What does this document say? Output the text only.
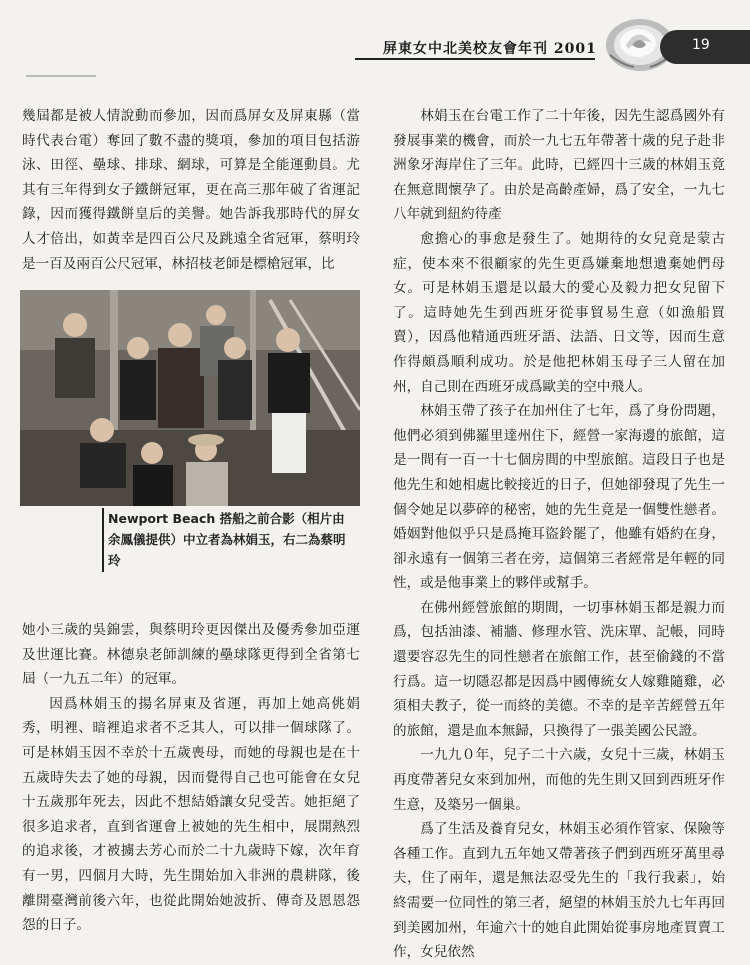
屏東女中北美校友會年刊 2001	19

幾屆都是被人情說動而參加，因而爲屏女及屏東縣（當時代表台電）奪回了數不盡的獎項，參加的項目包括游泳、田徑、壘球、排球、網球，可算是全能運動員。尤其有三年得到女子鐵餅冠軍，更在高三那年破了省運記錄，因而獲得鐵餅皇后的美譽。她告訴我那時代的屏女人才倍出，如黃幸是四百公尺及跳遠全省冠軍，蔡明玲是一百及兩百公尺冠軍，林招枝老師是標槍冠軍，比

Newport Beach 搭船之前合影（相片由余鳳儀提供）中立者為林娟玉，右二為蔡明玲

她小三歲的吳錦雲，與蔡明玲更因傑出及優秀參加亞運及世運比賽。林德泉老師訓練的壘球隊更得到全省第七屆（一九五二年）的冠軍。

因爲林娟玉的揚名屏東及省運，再加上她高佻娟秀，明裡、暗裡追求者不乏其人，可以排一個球隊了。可是林娟玉因不幸於十五歲喪母，而她的母親也是在十五歲時失去了她的母親，因而覺得自己也可能會在女兒十五歲那年死去，因此不想結婚讓女兒受苦。她拒絕了很多追求者，直到省運會上被她的先生相中，展開熱烈的追求後，才被擄去芳心而於二十九歲時下嫁，次年育有一男，四個月大時，先生開始加入非洲的農耕隊，後離開臺灣前後六年，也從此開始她波折、傳奇及恩恩怨怨的日子。

林娟玉在台電工作了二十年後，因先生認爲國外有發展事業的機會，而於一九七五年帶著十歲的兒子赴非洲象牙海岸住了三年。此時，已經四十三歲的林娟玉竟在無意間懷孕了。由於是高齡產婦，爲了安全，一九七八年就到紐約待產

愈擔心的事愈是發生了。她期待的女兒竟是蒙古症，使本來不很顧家的先生更爲嫌棄地想遺棄她們母女。可是林娟玉還是以最大的愛心及毅力把女兒留下了。這時她先生到西班牙從事貿易生意（如漁船買賣），因爲他精通西班牙語、法語、日文等，因而生意作得頗爲順利成功。於是他把林娟玉母子三人留在加州，自己則在西班牙成爲歐美的空中飛人。

林娟玉帶了孩子在加州住了七年，爲了身份問題，他們必須到佛羅里達州住下，經營一家海邊的旅館，這是一間有一百一十七個房間的中型旅館。這段日子也是他先生和她相處比較接近的日子，但她卻發現了先生一個令她足以夢碎的秘密，她的先生竟是一個雙性戀者。婚姻對他似乎只是爲掩耳盜鈴罷了，他雖有婚約在身，卻永遠有一個第三者在旁，這個第三者經常是年輕的同性，或是他事業上的夥伴或幫手。

在佛州經營旅館的期間，一切事林娟玉都是親力而爲，包括油漆、補牆、修理水管、洗床單、記帳，同時還要容忍先生的同性戀者在旅館工作，甚至偷錢的不當行爲。這一切隱忍都是因爲中國傳統女人嫁雞隨雞，必須相夫教子，從一而終的美德。不幸的是辛苦經營五年的旅館，還是血本無歸，只換得了一張美國公民證。

一九九０年，兒子二十六歲，女兒十三歲，林娟玉再度帶著兒女來到加州，而他的先生則又回到西班牙作生意，及築另一個巢。

爲了生活及養育兒女，林娟玉必須作管家、保險等各種工作。直到九五年她又帶著孩子們到西班牙萬里尋夫，住了兩年，還是無法忍受先生的「我行我素」，始終需要一位同性的第三者，絕望的林娟玉於九七年再回到美國加州，年逾六十的她自此開始從事房地產買賣工作，女兒依然
